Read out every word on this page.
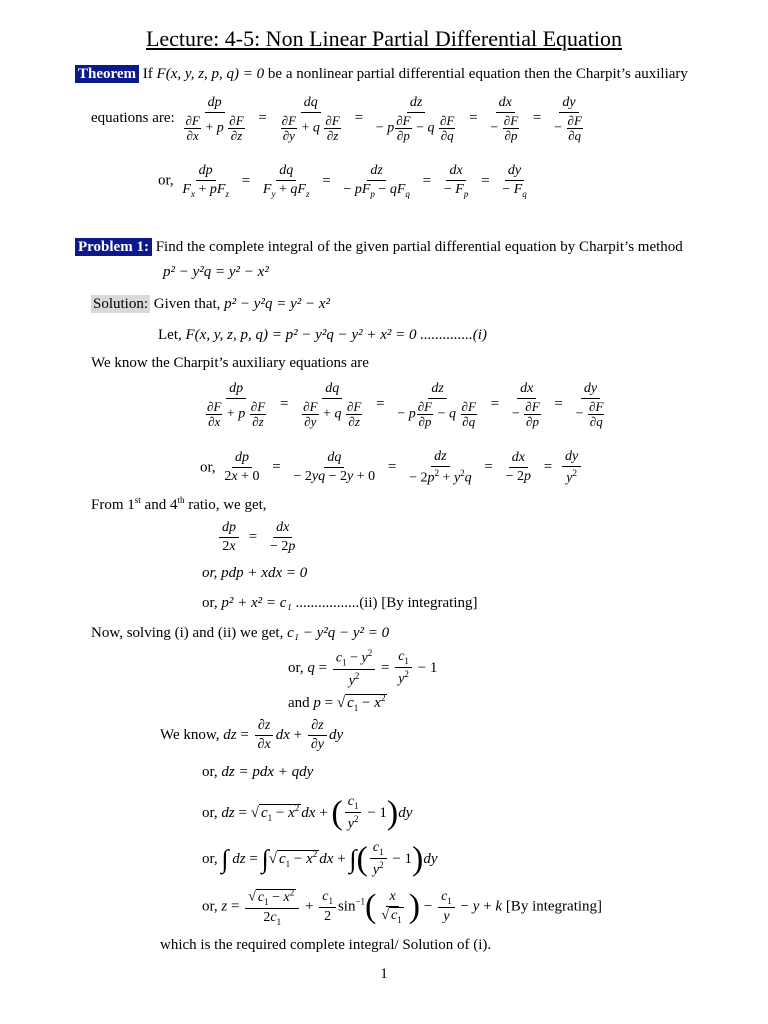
Lecture: 4-5: Non Linear Partial Differential Equation
Theorem If F(x, y, z, p, q) = 0 be a nonlinear partial differential equation then the Charpit’s auxiliary
equations are: $\frac{dp}{\frac{\partial F}{\partial x} + p \frac{\partial F}{\partial z}} = \frac{dq}{\frac{\partial F}{\partial y} + q \frac{\partial F}{\partial z}} = \frac{dz}{- p \frac{\partial F}{\partial p} - q \frac{\partial F}{\partial q}} = \frac{dx}{- \frac{\partial F}{\partial p}} = \frac{dy}{- \frac{\partial F}{\partial q}}$
or, $\frac{dp}{F_x + pF_z} = \frac{dq}{F_y + qF_z} = \frac{dz}{- pF_p - qF_q} = \frac{dx}{- F_p} = \frac{dy}{- F_q}$
Problem 1: Find the complete integral of the given partial differential equation by Charpit’s method
p² − y²q = y² − x²
Solution: Given that, p² − y²q = y² − x²
Let, F(x, y, z, p, q) = p² − y²q − y² + x² = 0 ..............(i)
We know the Charpit’s auxiliary equations are
$\frac{dp}{\frac{\partial F}{\partial x} + p \frac{\partial F}{\partial z}} = \frac{dq}{\frac{\partial F}{\partial y} + q \frac{\partial F}{\partial z}} = \frac{dz}{- p \frac{\partial F}{\partial p} - q \frac{\partial F}{\partial q}} = \frac{dx}{- \frac{\partial F}{\partial p}} = \frac{dy}{- \frac{\partial F}{\partial q}}$
or, $\frac{dp}{2x + 0} = \frac{dq}{- 2yq - 2y + 0} = \frac{dz}{- 2p^2 + y^2q} = \frac{dx}{- 2p} = \frac{dy}{y^2}$
From 1st and 4th ratio, we get,
$\frac{dp}{2x} = \frac{dx}{- 2p}$
or, pdp + xdx = 0
or, p² + x² = c₁ .................(ii) [By integrating]
Now, solving (i) and (ii) we get, c₁ − y²q − y² = 0
or, $q = \frac{c_1 - y^2}{y^2} = \frac{c_1}{y^2} - 1$
and p = √ $c_1 - x^2$
We know, dz = $\frac{\partial z}{\partial x}$ dx + $\frac{\partial z}{\partial y}$ dy
or, dz = pdx + qdy
or, dz = √ $c_1 - x^2$ dx + ( $\frac{c_1}{y^2} - 1)dy$
or, ∫ dz = ∫√ $c_1 - x^2$ dx + ∫( $\frac{c_1}{y^2} - 1)dy$
or, $z = \frac{√ c_1 - x^2}{2c_1} + \frac{c_1}{2} \sin^{-1}( \frac{x}{√ c_1}$ ) − $\frac{c_1}{y} - y + k$ [By integrating]
which is the required complete integral/ Solution of (i).
1
